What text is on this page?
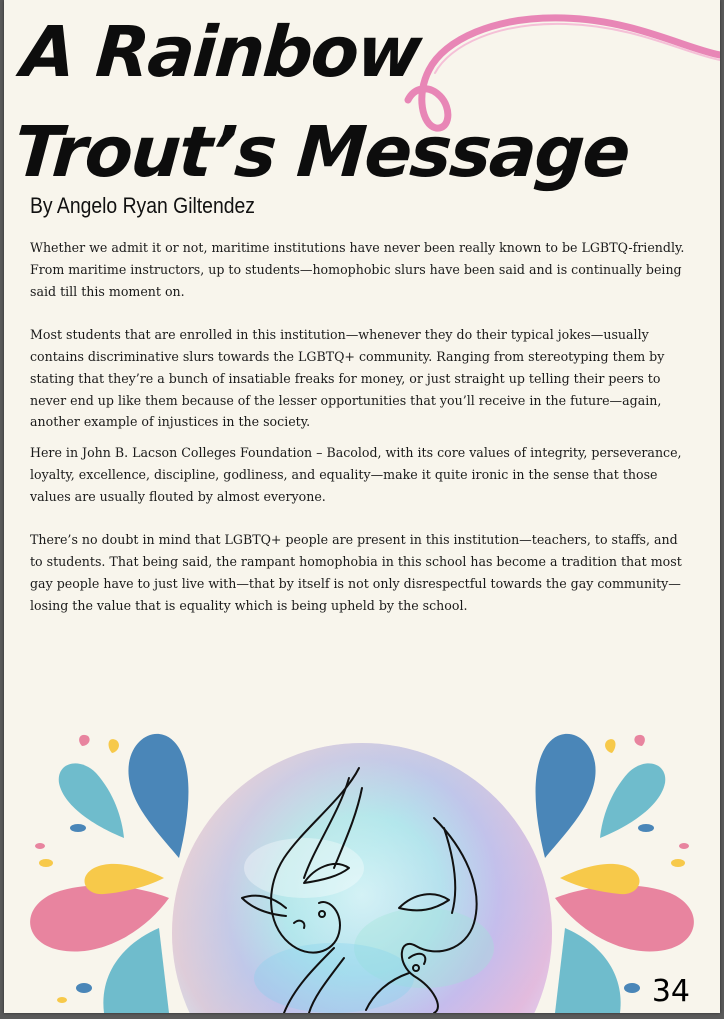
A Rainbow
Trout’s Message
By Angelo Ryan Giltendez

Whether we admit it or not, maritime institutions have never been really known to be LGBTQ-friendly. From maritime instructors, up to students—homophobic slurs have been said and is continually being said till this moment on.

Most students that are enrolled in this institution—whenever they do their typical jokes—usually contains discriminative slurs towards the LGBTQ+ community. Ranging from stereotyping them by stating that they’re a bunch of insatiable freaks for money, or just straight up telling their peers to never end up like them because of the lesser opportunities that you’ll receive in the future—again, another example of injustices in the society.

Here in John B. Lacson Colleges Foundation – Bacolod, with its core values of integrity, perseverance, loyalty, excellence, discipline, godliness, and equality—make it quite ironic in the sense that those values are usually flouted by almost everyone.

There’s no doubt in mind that LGBTQ+ people are present in this institution—teachers, to staffs, and to students. That being said, the rampant homophobia in this school has become a tradition that most gay people have to just live with—that by itself is not only disrespectful towards the gay community—losing the value that is equality which is being upheld by the school.

34
